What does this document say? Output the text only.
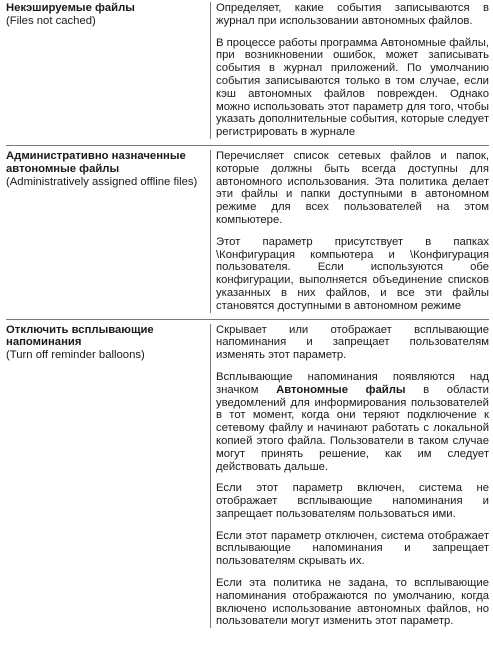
Некэшируемые файлы
(Files not cached)

Определяет, какие события записываются в журнал при использовании автономных файлов.

В процессе работы программа Автономные файлы, при возникновении ошибок, может записывать события в журнал приложений. По умолчанию события записываются только в том случае, если кэш автономных файлов поврежден. Однако можно использовать этот параметр для того, чтобы указать дополнительные события, которые следует регистрировать в журнале

Административно назначенные автономные файлы
(Administratively assigned offline files)

Перечисляет список сетевых файлов и папок, которые должны быть всегда доступны для автономного использования. Эта политика делает эти файлы и папки доступными в автономном режиме для всех пользователей на этом компьютере.

Этот параметр присутствует в папках \Конфигурация компьютера и \Конфигурация пользователя. Если используются обе конфигурации, выполняется объединение списков указанных в них файлов, и все эти файлы становятся доступными в автономном режиме

Отключить всплывающие напоминания
(Turn off reminder balloons)

Скрывает или отображает всплывающие напоминания и запрещает пользователям изменять этот параметр.

Всплывающие напоминания появляются над значком Автономные файлы в области уведомлений для информирования пользователей в тот момент, когда они теряют подключение к сетевому файлу и начинают работать с локальной копией этого файла. Пользователи в таком случае могут принять решение, как им следует действовать дальше.

Если этот параметр включен, система не отображает всплывающие напоминания и запрещает пользователям пользоваться ими.

Если этот параметр отключен, система отображает всплывающие напоминания и запрещает пользователям скрывать их.

Если эта политика не задана, то всплывающие напоминания отображаются по умолчанию, когда включено использование автономных файлов, но пользователи могут изменить этот параметр.
